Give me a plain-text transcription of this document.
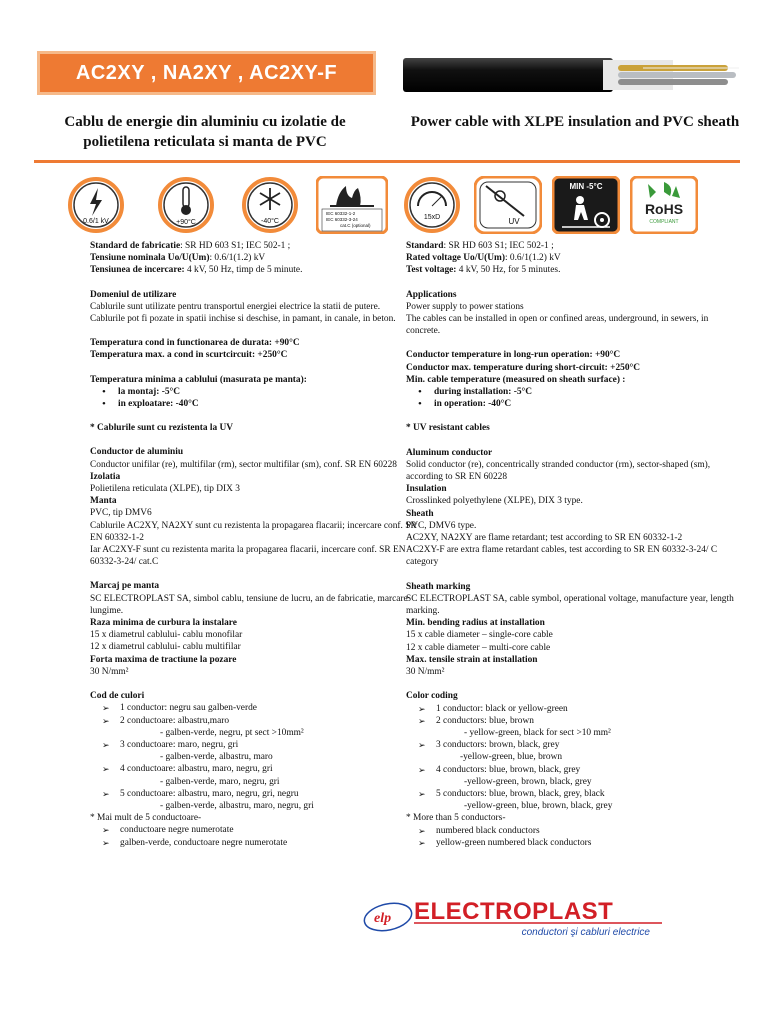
AC2XY , NA2XY , AC2XY-F
Cablu de energie din aluminiu cu izolatie de polietilena reticulata si manta de PVC
Power cable with XLPE insulation and PVC sheath
0.6/1 kV	+90°C	-40°C
IEC 60332-1-2
IEC 60332-3-24
cat.C (optional)
15xD	UV
MIN -5°C
RoHS
COMPLIANT

Standard de fabricatie: SR HD 603 S1; IEC 502-1 ;

Tensiune nominala Uo/U(Um): 0.6/1(1.2) kV

Tensiunea de incercare: 4 kV, 50 Hz, timp de 5 minute.

Domeniul de utilizare

Cablurile sunt utilizate pentru transportul energiei electrice la statii de putere.

Cablurile pot fi pozate in spatii inchise si deschise, in pamant, in canale, in beton.

Temperatura cond in functionarea de durata: +90°C

Temperatura max. a cond in scurtcircuit: +250°C

Temperatura minima a cablului (masurata pe manta):

• la montaj: -5°C
• in exploatare: -40°C

* Cablurile sunt cu rezistenta la UV

Conductor de aluminiu

Conductor unifilar (re), multifilar (rm), sector multifilar (sm), conf. SR EN 60228

Izolatia

Polietilena reticulata (XLPE), tip DIX 3

Manta

PVC, tip DMV6

Cablurile AC2XY, NA2XY sunt cu rezistenta la propagarea flacarii; incercare conf. SR EN 60332-1-2

Iar AC2XY-F sunt cu rezistenta marita la propagarea flacarii, incercare conf. SR EN 60332-3-24/ cat.C

Marcaj pe manta

SC ELECTROPLAST SA, simbol cablu, tensiune de lucru, an de fabricatie, marcare lungime.

Raza minima de curbura la instalare

15 x diametrul cablului- cablu monofilar

12 x diametrul cablului- cablu multifilar

Forta maxima de tractiune la pozare

30 N/mm²

Cod de culori

➢ 1 conductor: negru sau galben-verde
➢ 2 conductoare: albastru,maro
- galben-verde, negru, pt sect >10mm²
➢ 3 conductoare: maro, negru, gri
- galben-verde, albastru, maro
➢ 4 conductoare: albastru, maro, negru, gri
- galben-verde, maro, negru, gri
➢ 5 conductoare: albastru, maro, negru, gri, negru
- galben-verde, albastru, maro, negru, gri

* Mai mult de 5 conductoare-

➢ conductoare negre numerotate
➢ galben-verde, conductoare negre numerotate

Standard: SR HD 603 S1; IEC 502-1 ;

Rated voltage Uo/U(Um): 0.6/1(1.2) kV

Test voltage: 4 kV, 50 Hz, for 5 minutes.

Applications

Power supply to power stations

The cables can be installed in open or confined areas, underground, in sewers, in concrete.

Conductor temperature in long-run operation: +90°C

Conductor max. temperature during short-circuit: +250°C

Min. cable temperature (measured on sheath surface) :

• during installation: -5°C
• in operation: -40°C

* UV resistant cables

Aluminum conductor

Solid conductor (re), concentrically stranded conductor (rm), sector-shaped (sm), according to SR EN 60228

Insulation

Crosslinked polyethylene (XLPE), DIX 3 type.

Sheath

PVC, DMV6 type.

AC2XY, NA2XY are flame retardant; test according to SR EN 60332-1-2

AC2XY-F are extra flame retardant cables, test according to SR EN 60332-3-24/ C category

Sheath marking

SC ELECTROPLAST SA, cable symbol, operational voltage, manufacture year, length marking.

Min. bending radius at installation

15 x cable diameter – single-core cable

12 x cable diameter – multi-core cable

Max. tensile strain at installation

30 N/mm²

Color coding

➢ 1 conductor: black or yellow-green
➢ 2 conductors: blue, brown
- yellow-green, black for sect >10 mm²
➢ 3 conductors: brown, black, grey
-yellow-green, blue, brown
➢ 4 conductors: blue, brown, black, grey
-yellow-green, brown, black, grey
➢ 5 conductors: blue, brown, black, grey, black
-yellow-green, blue, brown, black, grey

* More than 5 conductors-

➢ numbered black conductors
➢ yellow-green numbered black conductors
elp ELECTROPLAST
conductori şi cabluri electrice
